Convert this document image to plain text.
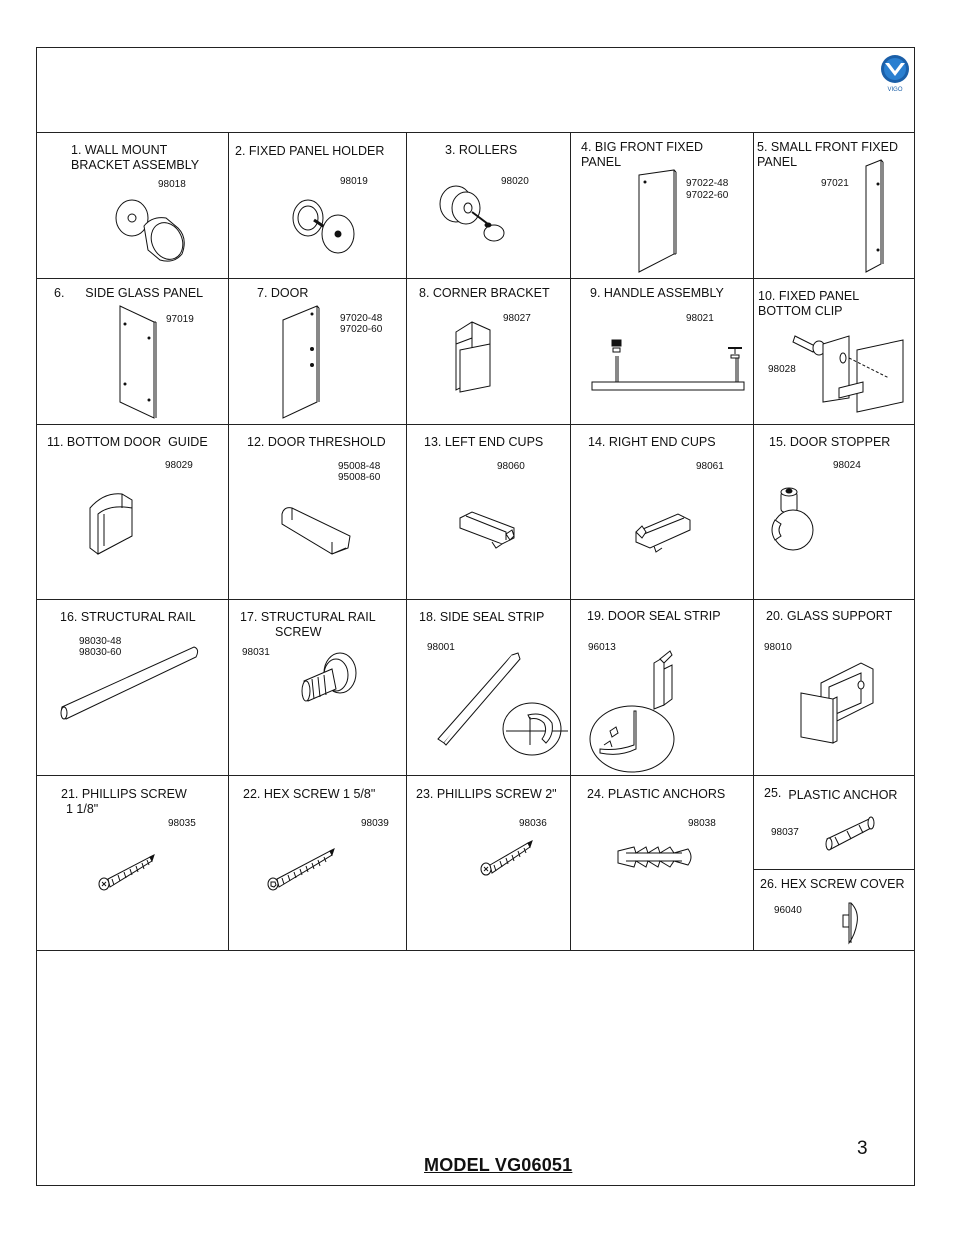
VIGO
1. WALL MOUNT
BRACKET ASSEMBLY
98018
2. FIXED PANEL HOLDER
98019
3. ROLLERS
98020
4. BIG FRONT FIXED
PANEL
97022-48
97022-60
5. SMALL FRONT FIXED
PANEL
97021
6.      SIDE GLASS PANEL
97019
7. DOOR
97020-48
97020-60
8. CORNER BRACKET
98027
9. HANDLE ASSEMBLY
98021
10. FIXED PANEL
BOTTOM CLIP
98028
11. BOTTOM DOOR  GUIDE
98029
12. DOOR THRESHOLD
95008-48
95008-60
13. LEFT END CUPS
98060
14. RIGHT END CUPS
98061
15. DOOR STOPPER
98024
16. STRUCTURAL RAIL
98030-48
98030-60
17. STRUCTURAL RAIL
SCREW
98031
18. SIDE SEAL STRIP
98001
19. DOOR SEAL STRIP
96013
20. GLASS SUPPORT
98010
21. PHILLIPS SCREW
1 1/8"
98035
22. HEX SCREW 1 5/8"
98039
23. PHILLIPS SCREW 2"
98036
24. PLASTIC ANCHORS
98038
25. PLASTIC ANCHOR
98037
26. HEX SCREW COVER
96040
3
MODEL VG06051
